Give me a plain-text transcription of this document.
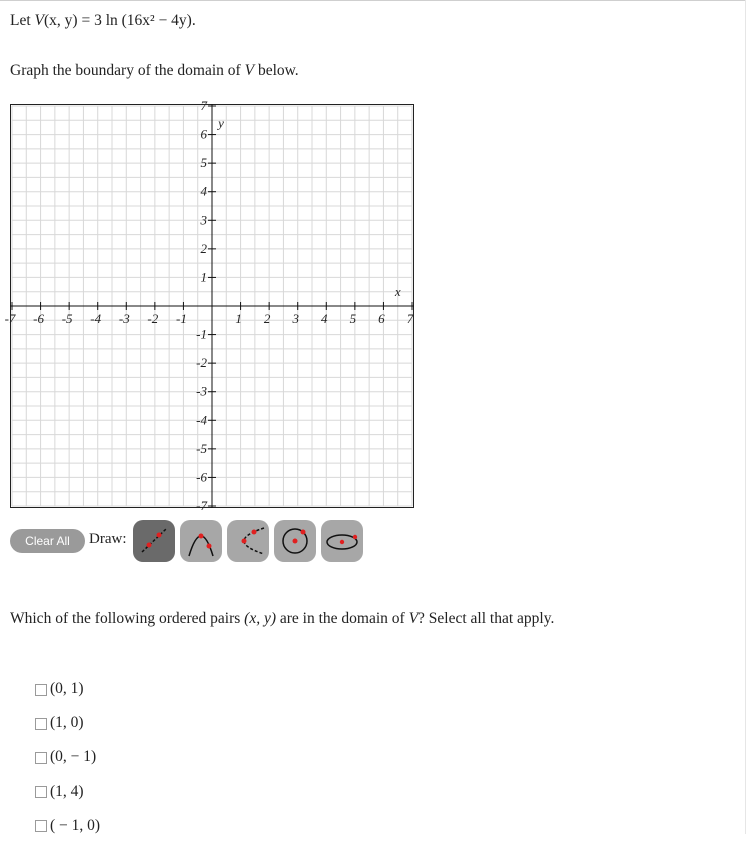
Let V(x, y) = 3 ln (16x² − 4y).
Graph the boundary of the domain of V below.
-7 -6 -5 -4 -3 -2 -1	1 2 3 4 5 6 7
7
6
5
4
3
2
1
-1
-2
-3
-4
-5
-6
-7
x
y
Clear All	Draw:
Which of the following ordered pairs (x, y) are in the domain of V? Select all that apply.
(0, 1)
(1, 0)
(0, − 1)
(1, 4)
( − 1, 0)
